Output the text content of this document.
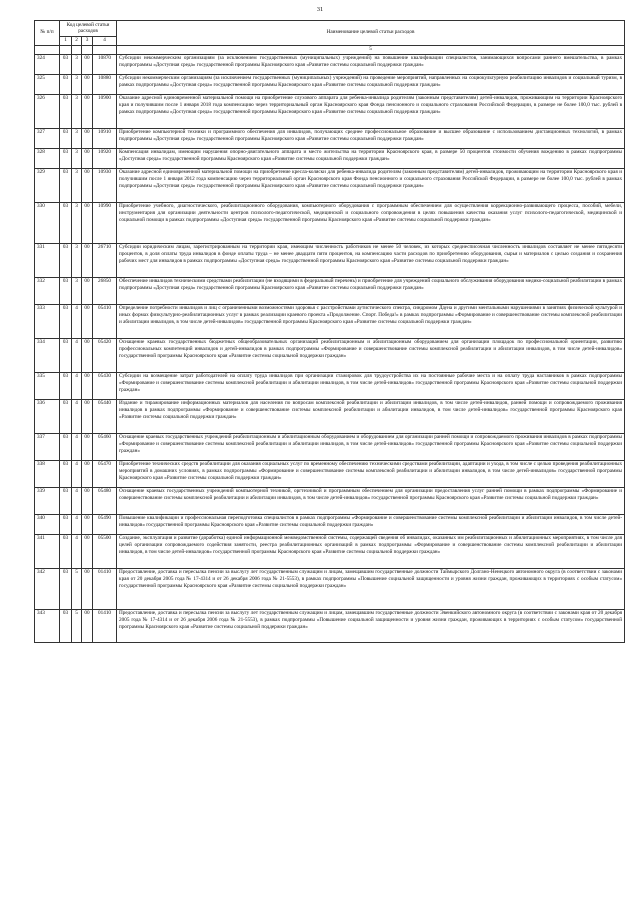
31
№ п/п	Код целевой статьи расходов				Наименование целевой статьи расходов
	1	2	3	4	
					5
324	03	3	00	10870	Субсидии некоммерческим организациям (за исключением государственных (муниципальных) учреждений) на повышение квалификации специалистов, занимающихся вопросами раннего вмешательства, в рамках подпрограммы «Доступная среда» государственной программы Красноярского края «Развитие системы социальной поддержки граждан»
325	03	3	00	10880	Субсидии некоммерческим организациям (за исключением государственных (муниципальных) учреждений) на проведение мероприятий, направленных на социокультурную реабилитацию инвалидов и социальный туризм, в рамках подпрограммы «Доступная среда» государственной программы Красноярского края «Развитие системы социальной поддержки граждан»
326	03	3	00	10900	Оказание адресной единовременной материальной помощи на приобретение слухового аппарата для ребенка-инвалида родителям (законным представителям) детей-инвалидов, проживающим на территории Красноярского края и получившим после 1 января 2018 года компенсацию через территориальный орган Красноярского края Фонда пенсионного и социального страхования Российской Федерации, в размере не более 100,0 тыс. рублей в рамках подпрограммы «Доступная среда» государственной программы Красноярского края «Развитие системы социальной поддержки граждан»
327	03	3	00	10910	Приобретение компьютерной техники и программного обеспечения для инвалидов, получающих среднее профессиональное образование и высшее образование с использованием дистанционных технологий, в рамках подпрограммы «Доступная среда» государственной программы Красноярского края «Развитие системы социальной поддержки граждан»
328	03	3	00	10920	Компенсация инвалидам, имеющим нарушения опорно-двигательного аппарата и место жительства на территории Красноярского края, в размере 50 процентов стоимости обучения вождению в рамках подпрограммы «Доступная среда» государственной программы Красноярского края «Развитие системы социальной поддержки граждан»
329	03	3	00	10930	Оказание адресной единовременной материальной помощи на приобретение кресла-коляски для ребенка-инвалида родителям (законным представителям) детей-инвалидов, проживающим на территории Красноярского края и получившим после 1 января 2012 года компенсацию через территориальный орган Красноярского края Фонда пенсионного и социального страхования Российской Федерации, в размере не более 100,0 тыс. рублей в рамках подпрограммы «Доступная среда» государственной программы Красноярского края «Развитие системы социальной поддержки граждан»
330	03	3	00	10990	Приобретение учебного, диагностического, реабилитационного оборудования, компьютерного оборудования с программным обеспечением для осуществления коррекционно-развивающего процесса, пособий, мебели, инструментария для организации деятельности центров психолого-педагогической, медицинской и социального сопровождения в целях повышения качества оказания услуг психолого-педагогической, медицинской и социальной помощи в рамках подпрограммы «Доступная среда» государственной программы Красноярского края «Развитие системы социальной поддержки граждан»
331	03	3	00	26710	Субсидии юридическим лицам, зарегистрированным на территории края, имеющим численность работников не менее 50 человек, из которых среднесписочная численность инвалидов составляет не менее пятидесяти процентов, в доля оплаты труда инвалидов в фонде оплаты труда – не менее двадцати пяти процентов, на компенсацию части расходов по приобретению оборудования, сырья и материалов с целью создания и сохранения рабочих мест для инвалидов в рамках подпрограммы «Доступная среда» государственной программы Красноярского края «Развитие системы социальной поддержки граждан»
332	03	3	00	26850	Обеспечение инвалидов техническими средствами реабилитации (не входящими в федеральный перечень) и приобретение для учреждений социального обслуживания оборудования медико-социальной реабилитации в рамках подпрограммы «Доступная среда» государственной программы Красноярского края «Развитие системы социальной поддержки граждан»
333	03	4	00	05410	Определение потребности инвалидов и лиц с ограниченными возможностями здоровья с расстройствами аутистического спектра, синдромом Дауна и другими ментальными нарушениями в занятиях физической культурой и иных формах физкультурно-реабилитационных услуг в рамках реализации краевого проекта «Продолжение. Спорт. Победа!» в рамках подпрограммы «Формирование и совершенствование системы комплексной реабилитации и абилитации инвалидов, в том числе детей-инвалидов» государственной программы Красноярского края «Развитие системы социальной поддержки граждан»
334	03	4	00	05420	Оснащение краевых государственных бюджетных общеобразовательных организаций реабилитационным и абилитационным оборудованием для организации площадок по профессиональной ориентации, развитию профессиональных компетенций инвалидов и детей-инвалидов в рамках подпрограммы «Формирование и совершенствование системы комплексной реабилитации и абилитации инвалидов, в том числе детей-инвалидов» государственной программы Красноярского края «Развитие системы социальной поддержки граждан»
335	03	4	00	05430	Субсидии на возмещение затрат работодателей на оплату труда инвалидов при организации стажировок для трудоустройства их на постоянные рабочие места и на оплату труда наставников в рамках подпрограммы «Формирование и совершенствование системы комплексной реабилитации и абилитации инвалидов, в том числе детей-инвалидов» государственной программы Красноярского края «Развитие системы социальной поддержки граждан»
336	03	4	00	05440	Издание и тиражирование информационных материалов для населения по вопросам комплексной реабилитации и абилитации инвалидов, в том числе детей-инвалидов, ранней помощи и сопровождаемого проживания инвалидов в рамках подпрограммы «Формирование и совершенствование системы комплексной реабилитации и абилитации инвалидов, в том числе детей-инвалидов» государственной программы Красноярского края «Развитие системы социальной поддержки граждан»
337	03	4	00	05460	Оснащение краевых государственных учреждений реабилитационным и абилитационным оборудованием и оборудованием для организации ранней помощи и сопровождаемого проживания инвалидов в рамках подпрограммы «Формирование и совершенствование системы комплексной реабилитации и абилитации инвалидов, в том числе детей-инвалидов» государственной программы Красноярского края «Развитие системы социальной поддержки граждан»
338	03	4	00	05470	Приобретение технических средств реабилитации для оказания социальных услуг по временному обеспечению техническими средствами реабилитации, адаптации и ухода, в том числе с целью проведения реабилитационных мероприятий в домашних условиях, в рамках подпрограммы «Формирование и совершенствование системы комплексной реабилитации и абилитации инвалидов, в том числе детей-инвалидов» государственной программы Красноярского края «Развитие системы социальной поддержки граждан»
339	03	4	00	05480	Оснащение краевых государственных учреждений компьютерной техникой, оргтехникой и программным обеспечением для организации предоставления услуг ранней помощи в рамках подпрограммы «Формирование и совершенствование системы комплексной реабилитации и абилитации инвалидов, в том числе детей-инвалидов» государственной программы Красноярского края «Развитие системы социальной поддержки граждан»
340	03	4	00	05490	Повышение квалификации и профессиональная переподготовка специалистов в рамках подпрограммы «Формирование и совершенствование системы комплексной реабилитации и абилитации инвалидов, в том числе детей-инвалидов» государственной программы Красноярского края «Развитие системы социальной поддержки граждан»
341	03	4	00	05500	Создание, эксплуатация и развитие (доработка) единой информационной межведомственной системы, содержащей сведения об инвалидах, оказанных им реабилитационных и абилитационных мероприятиях, в том числе для целей организации сопровождаемого содействия занятости, реестра реабилитационных организаций в рамках подпрограммы «Формирование и совершенствование системы комплексной реабилитации и абилитации инвалидов, в том числе детей-инвалидов» государственной программы Красноярского края «Развитие системы социальной поддержки граждан»
342	03	5	00	01410	Предоставление, доставка и пересылка пенсии за выслугу лет государственным служащим и лицам, замещавшим государственные должности Таймырского Долгано-Ненецкого автономного округа (в соответствии с законами края от 20 декабря 2005 года № 17-4314 и от 26 декабря 2006 года № 21-5553), в рамках подпрограммы «Повышение социальной защищенности и уровня жизни граждан, проживающих в территориях с особым статусом» государственной программы Красноярского края «Развитие системы социальной поддержки граждан»
343	03	5	00	01410	Предоставление, доставка и пересылка пенсии за выслугу лет государственным служащим и лицам, замещавшим государственные должности Эвенкийского автономного округа (в соответствии с законами края от 20 декабря 2005 года № 17-4314 и от 26 декабря 2006 года № 21-5553), в рамках подпрограммы «Повышение социальной защищенности и уровня жизни граждан, проживающих в территориях с особым статусом» государственной программы Красноярского края «Развитие системы социальной поддержки граждан»
